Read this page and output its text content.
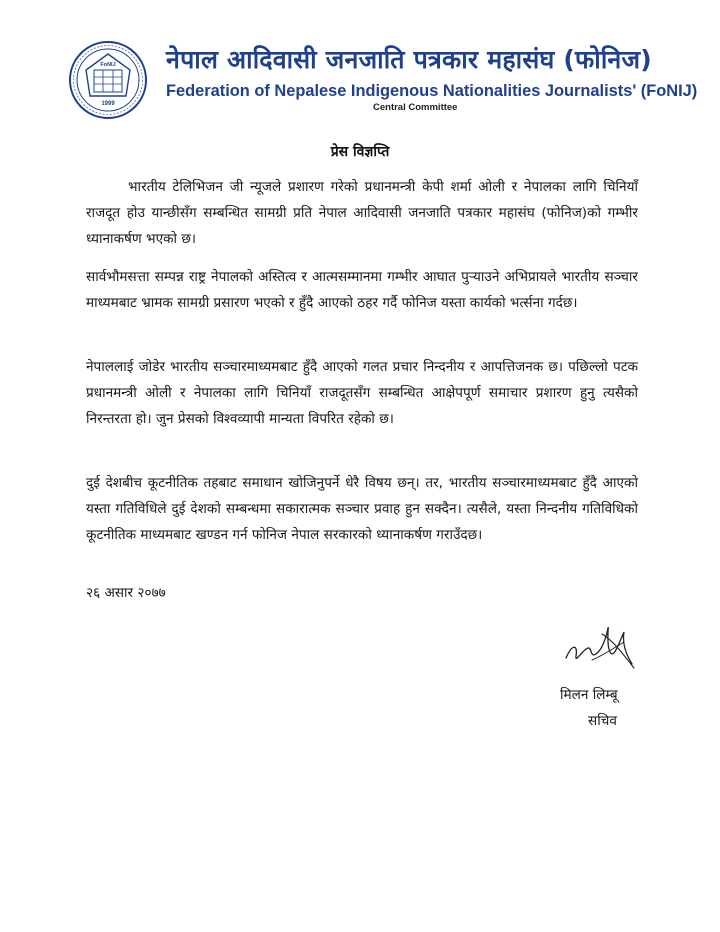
FoNIJ
1999
नेपाल आदिवासी जनजाति पत्रकार महासंघ (फोनिज)
Federation of Nepalese Indigenous Nationalities Journalists' (FoNIJ)
Central Committee
प्रेस विज्ञप्ति

भारतीय टेलिभिजन जी न्यूजले प्रशारण गरेको प्रधानमन्त्री केपी शर्मा ओली र नेपालका लागि चिनियाँ राजदूत होउ यान्छीसँग सम्बन्धित सामग्री प्रति नेपाल आदिवासी जनजाति पत्रकार महासंघ (फोनिज)को गम्भीर ध्यानाकर्षण भएको छ।

सार्वभौमसत्ता सम्पन्न राष्ट्र नेपालको अस्तित्व र आत्मसम्मानमा गम्भीर आघात पुर्‍याउने अभिप्रायले भारतीय सञ्चार माध्यमबाट भ्रामक सामग्री प्रसारण भएको र हुँदै आएको ठहर गर्दै फोनिज यस्ता कार्यको भर्त्सना गर्दछ।

नेपाललाई जोडेर भारतीय सञ्चारमाध्यमबाट हुँदै आएको गलत प्रचार निन्दनीय र आपत्तिजनक छ। पछिल्लो पटक प्रधानमन्त्री ओली र नेपालका लागि चिनियाँ राजदूतसँग सम्बन्धित आक्षेपपूर्ण समाचार प्रशारण हुनु त्यसैको निरन्तरता हो। जुन प्रेसको विश्वव्यापी मान्यता विपरित रहेको छ।

दुई देशबीच कूटनीतिक तहबाट समाधान खोजिनुपर्ने धेरै विषय छन्। तर, भारतीय सञ्चारमाध्यमबाट हुँदै आएको यस्ता गतिविधिले दुई देशको सम्बन्धमा सकारात्मक सञ्चार प्रवाह हुन सक्दैन। त्यसैले, यस्ता निन्दनीय गतिविधिको कूटनीतिक माध्यमबाट खण्डन गर्न फोनिज नेपाल सरकारको ध्यानाकर्षण गराउँदछ।

२६ असार २०७७
मिलन लिम्बू
सचिव
